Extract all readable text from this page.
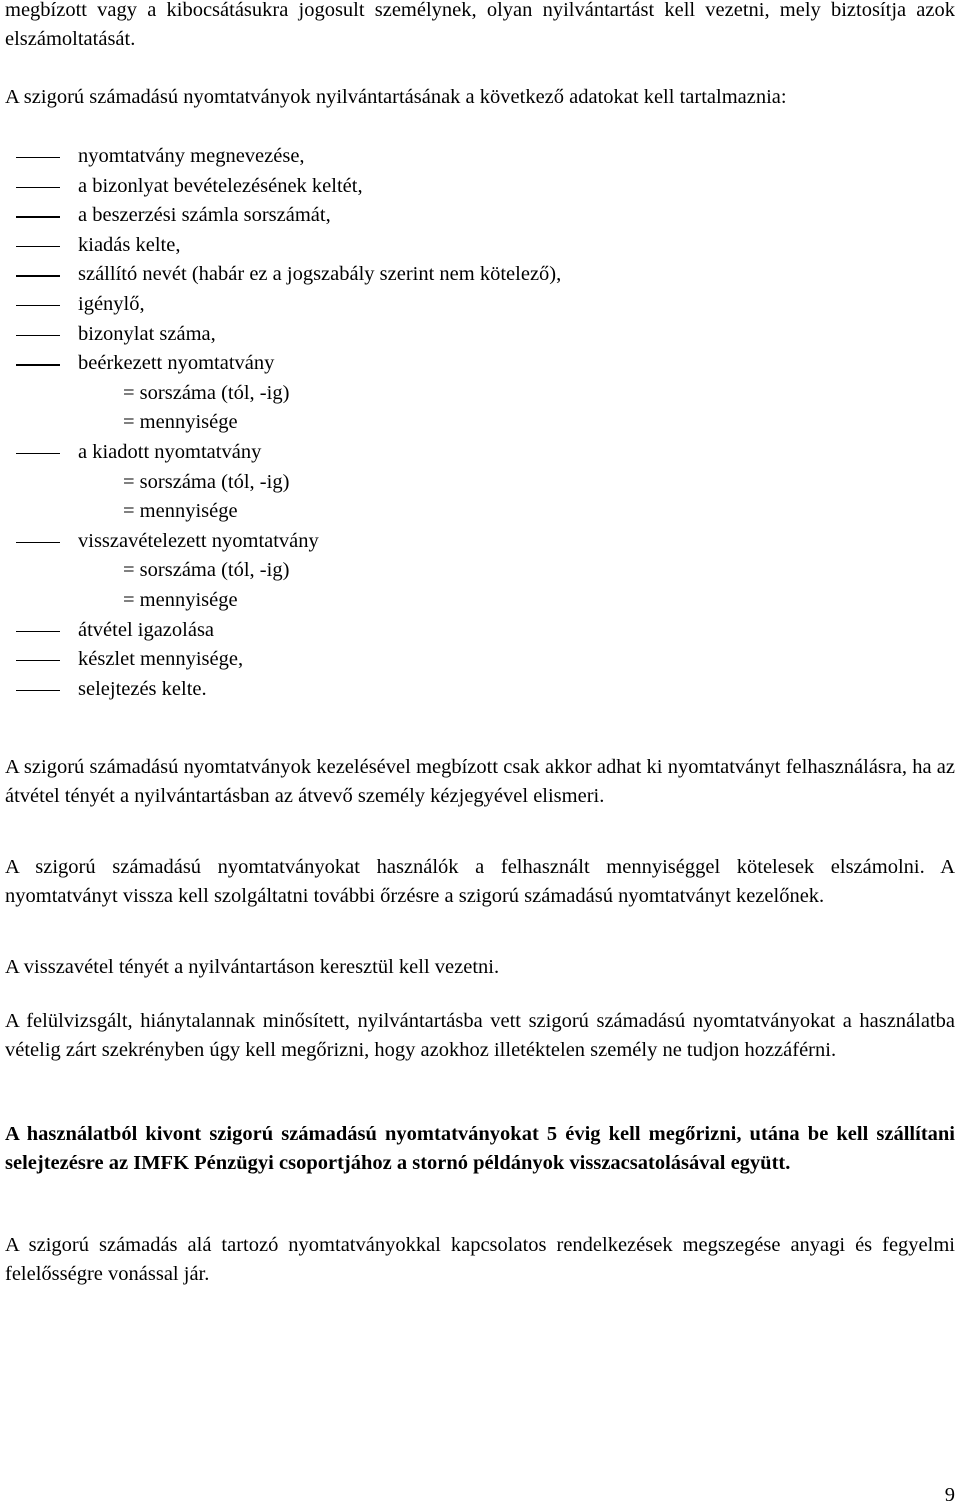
megbízott vagy a kibocsátásukra jogosult személynek, olyan nyilvántartást kell vezetni, mely biztosítja azok elszámoltatását.
A szigorú számadású nyomtatványok nyilvántartásának a következő adatokat kell tartalmaznia:
nyomtatvány megnevezése,
a bizonlyat bevételezésének keltét,
a beszerzési számla sorszámát,
kiadás kelte,
szállító nevét (habár ez a jogszabály szerint nem kötelező),
igénylő,
bizonylat száma,
beérkezett nyomtatvány
= sorszáma (tól, -ig)
= mennyisége
a kiadott nyomtatvány
= sorszáma (tól, -ig)
= mennyisége
visszavételezett nyomtatvány
= sorszáma (tól, -ig)
= mennyisége
átvétel igazolása
készlet mennyisége,
selejtezés kelte.
A szigorú számadású nyomtatványok kezelésével megbízott csak akkor adhat ki nyomtatványt felhasználásra, ha az átvétel tényét a nyilvántartásban az átvevő személy kézjegyével elismeri.
A szigorú számadású nyomtatványokat használók a felhasznált mennyiséggel kötelesek elszámolni. A nyomtatványt vissza kell szolgáltatni további őrzésre a szigorú számadású nyomtatványt kezelőnek.
A visszavétel tényét a nyilvántartáson keresztül kell vezetni.
A felülvizsgált, hiánytalannak minősített, nyilvántartásba vett szigorú számadású nyomtatványokat a használatba vételig zárt szekrényben úgy kell megőrizni, hogy azokhoz illetéktelen személy ne tudjon hozzáférni.
A használatból kivont szigorú számadású nyomtatványokat 5 évig kell megőrizni, utána be kell szállítani selejtezésre az IMFK Pénzügyi csoportjához a stornó példányok visszacsatolásával együtt.
A szigorú számadás alá tartozó nyomtatványokkal kapcsolatos rendelkezések megszegése anyagi és fegyelmi felelősségre vonással jár.
9
